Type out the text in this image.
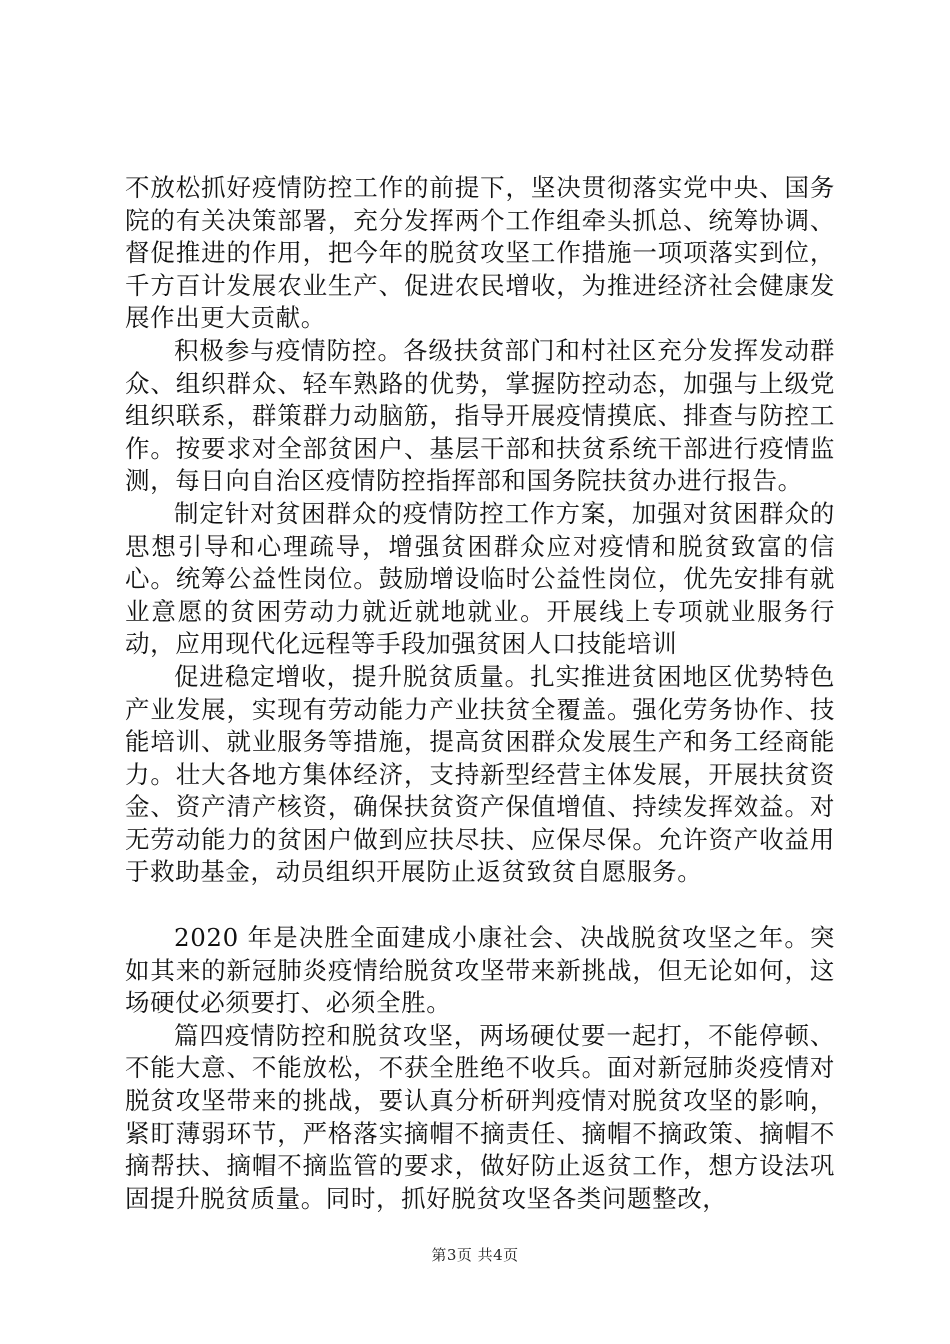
不放松抓好疫情防控工作的前提下，坚决贯彻落实党中央、国务院的有关决策部署，充分发挥两个工作组牵头抓总、统筹协调、督促推进的作用，把今年的脱贫攻坚工作措施一项项落实到位，千方百计发展农业生产、促进农民增收，为推进经济社会健康发展作出更大贡献。

积极参与疫情防控。各级扶贫部门和村社区充分发挥发动群众、组织群众、轻车熟路的优势，掌握防控动态，加强与上级党组织联系，群策群力动脑筋，指导开展疫情摸底、排查与防控工作。按要求对全部贫困户、基层干部和扶贫系统干部进行疫情监测，每日向自治区疫情防控指挥部和国务院扶贫办进行报告。

制定针对贫困群众的疫情防控工作方案，加强对贫困群众的思想引导和心理疏导，增强贫困群众应对疫情和脱贫致富的信心。统筹公益性岗位。鼓励增设临时公益性岗位，优先安排有就业意愿的贫困劳动力就近就地就业。开展线上专项就业服务行动，应用现代化远程等手段加强贫困人口技能培训

促进稳定增收，提升脱贫质量。扎实推进贫困地区优势特色产业发展，实现有劳动能力产业扶贫全覆盖。强化劳务协作、技能培训、就业服务等措施，提高贫困群众发展生产和务工经商能力。壮大各地方集体经济，支持新型经营主体发展，开展扶贫资金、资产清产核资，确保扶贫资产保值增值、持续发挥效益。对无劳动能力的贫困户做到应扶尽扶、应保尽保。允许资产收益用于救助基金，动员组织开展防止返贫致贫自愿服务。

2020 年是决胜全面建成小康社会、决战脱贫攻坚之年。突如其来的新冠肺炎疫情给脱贫攻坚带来新挑战，但无论如何，这场硬仗必须要打、必须全胜。

篇四疫情防控和脱贫攻坚，两场硬仗要一起打，不能停顿、不能大意、不能放松，不获全胜绝不收兵。面对新冠肺炎疫情对脱贫攻坚带来的挑战，要认真分析研判疫情对脱贫攻坚的影响，紧盯薄弱环节，严格落实摘帽不摘责任、摘帽不摘政策、摘帽不摘帮扶、摘帽不摘监管的要求，做好防止返贫工作，想方设法巩固提升脱贫质量。同时，抓好脱贫攻坚各类问题整改，

第3页 共4页
